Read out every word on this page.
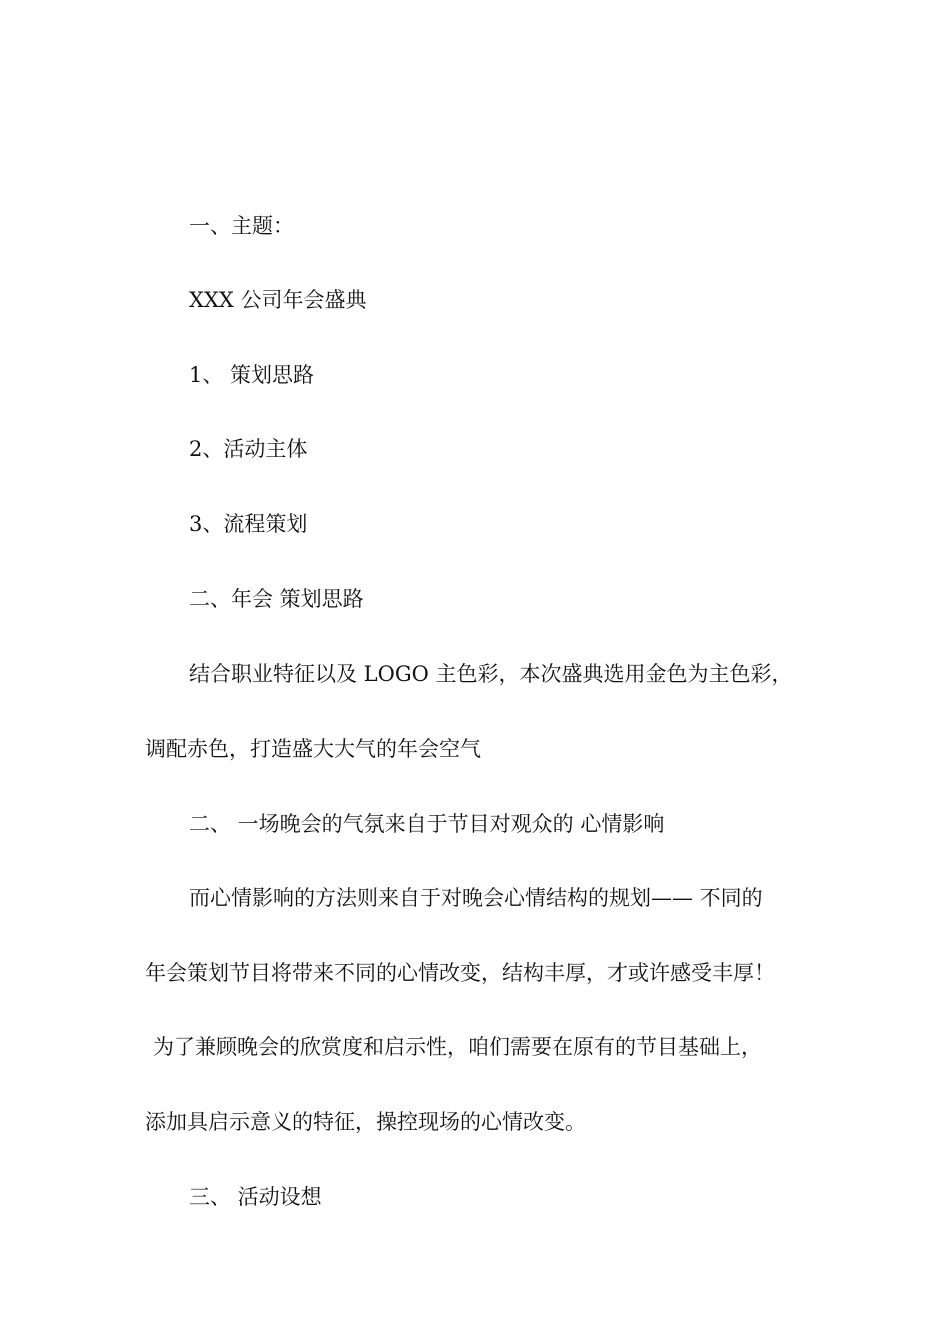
一、主题：
XXX 公司年会盛典
1、 策划思路
2、活动主体
3、流程策划
二、年会 策划思路
结合职业特征以及 LOGO 主色彩，本次盛典选用金色为主色彩，
调配赤色，打造盛大大气的年会空气
二、 一场晚会的气氛来自于节目对观众的 心情影响
而心情影响的方法则来自于对晚会心情结构的规划—— 不同的
年会策划节目将带来不同的心情改变，结构丰厚，才或许感受丰厚！
为了兼顾晚会的欣赏度和启示性，咱们需要在原有的节目基础上，
添加具启示意义的特征，操控现场的心情改变。
三、 活动设想
